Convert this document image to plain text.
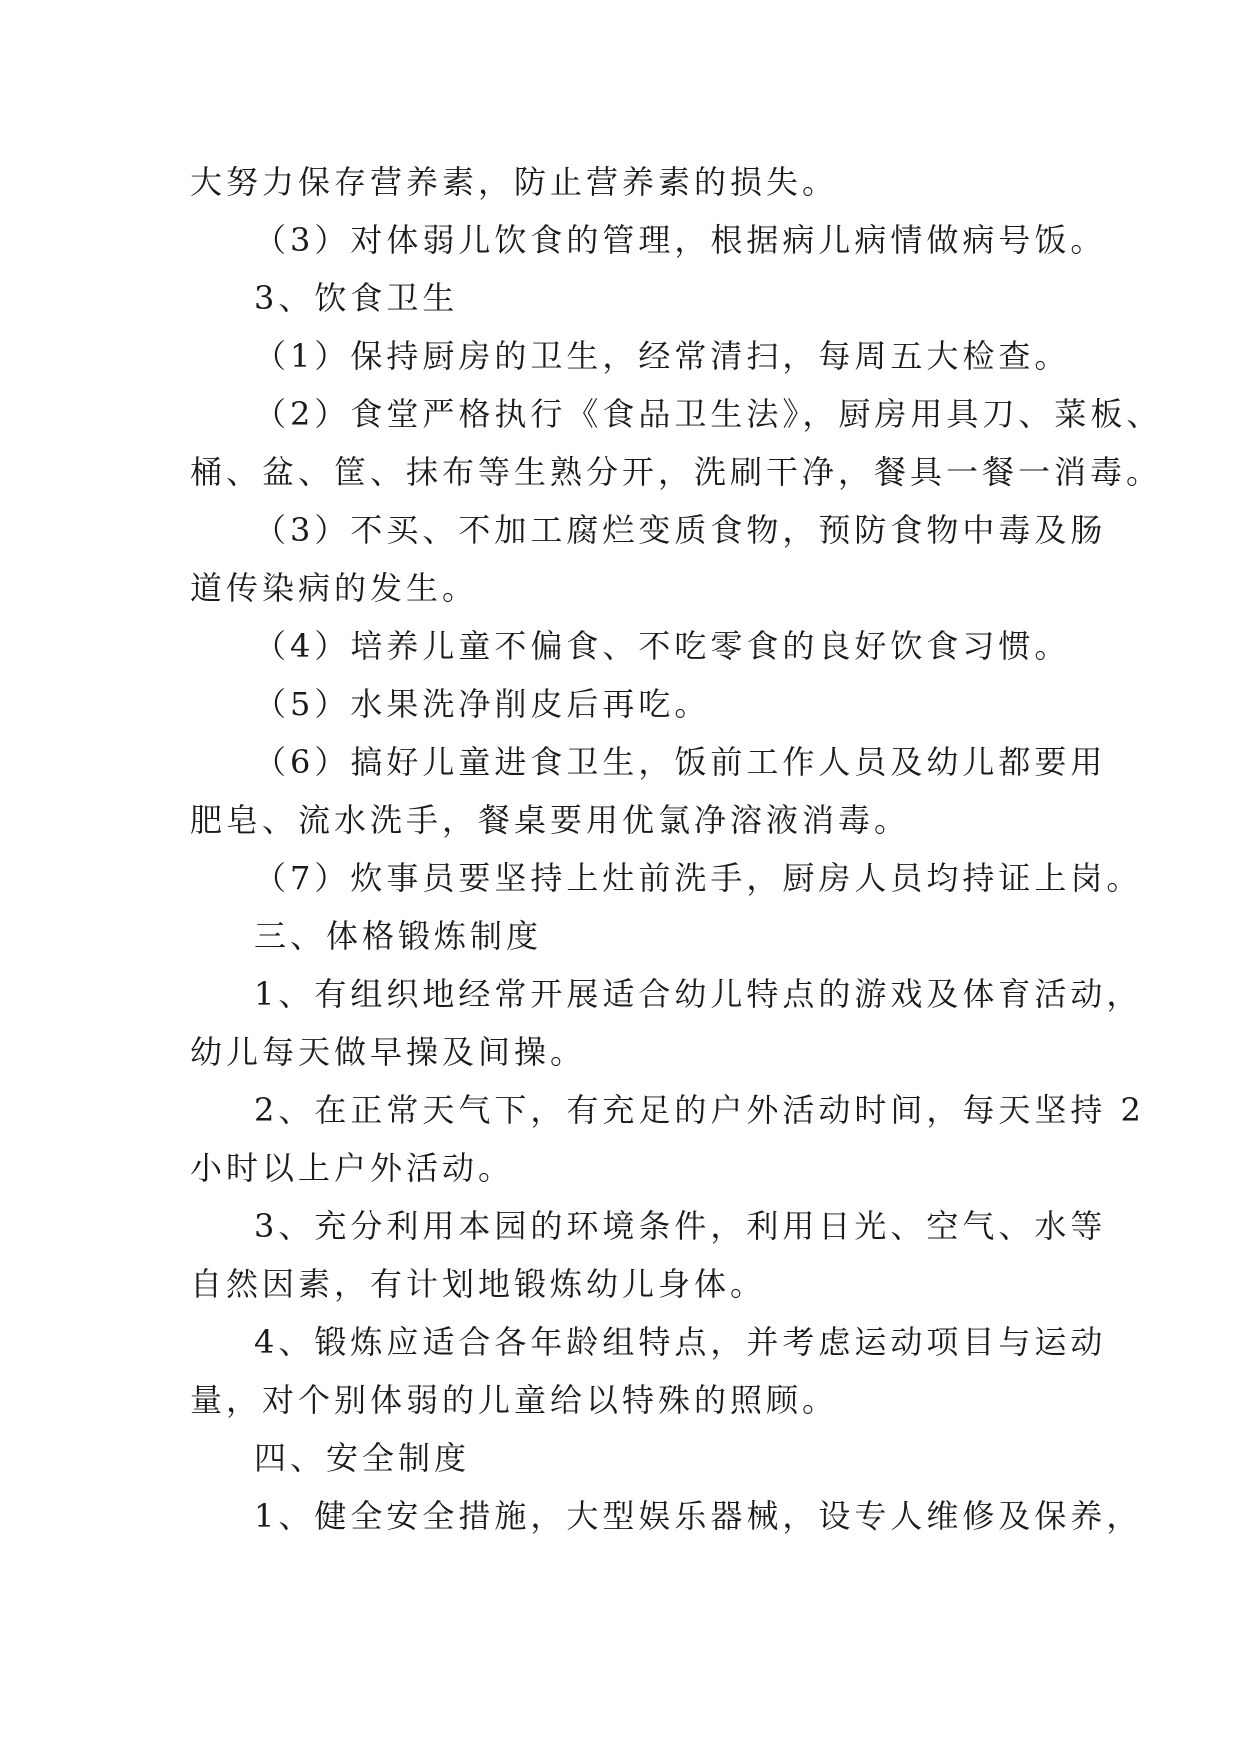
大努力保存营养素，防止营养素的损失。
（3）对体弱儿饮食的管理，根据病儿病情做病号饭。
3、饮食卫生
（1）保持厨房的卫生，经常清扫，每周五大检查。
（2）食堂严格执行《食品卫生法》，厨房用具刀、菜板、
桶、盆、筐、抹布等生熟分开，洗刷干净，餐具一餐一消毒。
（3）不买、不加工腐烂变质食物，预防食物中毒及肠
道传染病的发生。
（4）培养儿童不偏食、不吃零食的良好饮食习惯。
（5）水果洗净削皮后再吃。
（6）搞好儿童进食卫生，饭前工作人员及幼儿都要用
肥皂、流水洗手，餐桌要用优氯净溶液消毒。
（7）炊事员要坚持上灶前洗手，厨房人员均持证上岗。
三、体格锻炼制度
1、有组织地经常开展适合幼儿特点的游戏及体育活动，
幼儿每天做早操及间操。
2、在正常天气下，有充足的户外活动时间，每天坚持 2
小时以上户外活动。
3、充分利用本园的环境条件，利用日光、空气、水等
自然因素，有计划地锻炼幼儿身体。
4、锻炼应适合各年龄组特点，并考虑运动项目与运动
量，对个别体弱的儿童给以特殊的照顾。
四、安全制度
1、健全安全措施，大型娱乐器械，设专人维修及保养，
